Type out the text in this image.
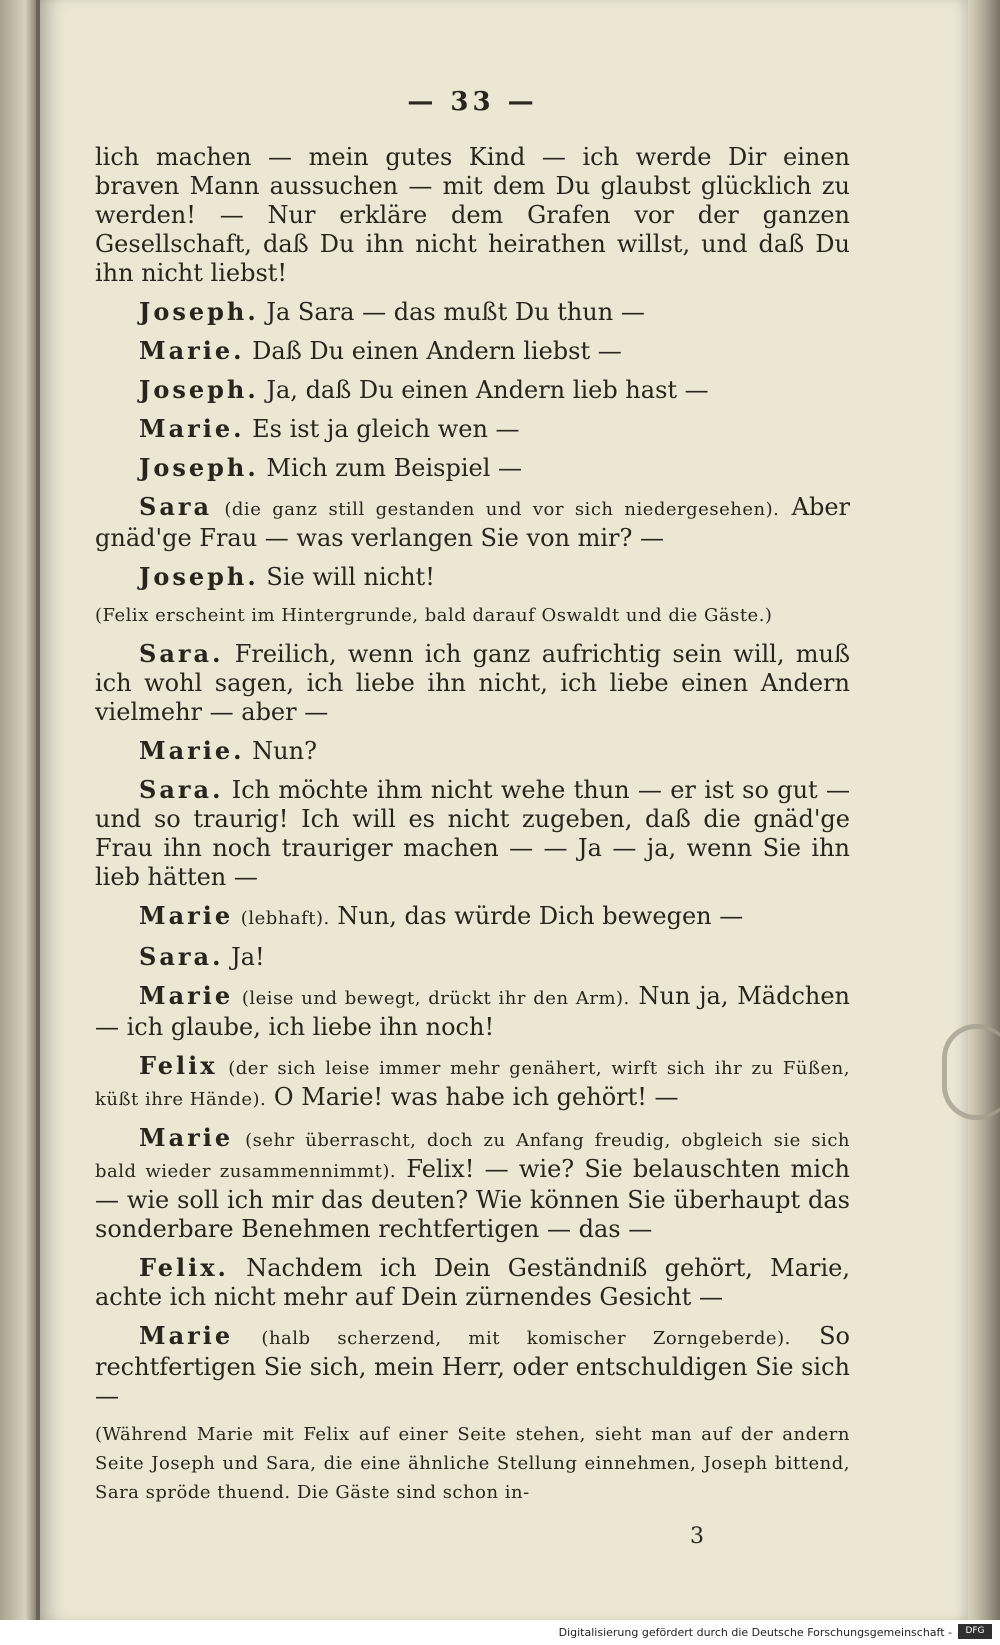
— 33 —

lich machen — mein gutes Kind — ich werde Dir einen braven Mann aussuchen — mit dem Du glaubst glücklich zu werden! — Nur erkläre dem Grafen vor der ganzen Gesellschaft, daß Du ihn nicht heirathen willst, und daß Du ihn nicht liebst!

Joseph. Ja Sara — das mußt Du thun —

Marie. Daß Du einen Andern liebst —

Joseph. Ja, daß Du einen Andern lieb hast —

Marie. Es ist ja gleich wen —

Joseph. Mich zum Beispiel —

Sara (die ganz still gestanden und vor sich niedergesehen). Aber gnäd'ge Frau — was verlangen Sie von mir? —

Joseph. Sie will nicht!

(Felix erscheint im Hintergrunde, bald darauf Oswaldt und die Gäste.)

Sara. Freilich, wenn ich ganz aufrichtig sein will, muß ich wohl sagen, ich liebe ihn nicht, ich liebe einen Andern vielmehr — aber —

Marie. Nun?

Sara. Ich möchte ihm nicht wehe thun — er ist so gut — und so traurig! Ich will es nicht zugeben, daß die gnäd'ge Frau ihn noch trauriger machen — — Ja — ja, wenn Sie ihn lieb hätten —

Marie (lebhaft). Nun, das würde Dich bewegen —

Sara. Ja!

Marie (leise und bewegt, drückt ihr den Arm). Nun ja, Mädchen — ich glaube, ich liebe ihn noch!

Felix (der sich leise immer mehr genähert, wirft sich ihr zu Füßen, küßt ihre Hände). O Marie! was habe ich gehört! —

Marie (sehr überrascht, doch zu Anfang freudig, obgleich sie sich bald wieder zusammennimmt). Felix! — wie? Sie belauschten mich — wie soll ich mir das deuten? Wie können Sie überhaupt das sonderbare Benehmen rechtfertigen — das —

Felix. Nachdem ich Dein Geständniß gehört, Marie, achte ich nicht mehr auf Dein zürnendes Gesicht —

Marie (halb scherzend, mit komischer Zorngeberde). So rechtfertigen Sie sich, mein Herr, oder entschuldigen Sie sich —

(Während Marie mit Felix auf einer Seite stehen, sieht man auf der andern Seite Joseph und Sara, die eine ähnliche Stellung einnehmen, Joseph bittend, Sara spröde thuend. Die Gäste sind schon in-

3
Digitalisierung gefördert durch die Deutsche Forschungsgemeinschaft -	DFG
